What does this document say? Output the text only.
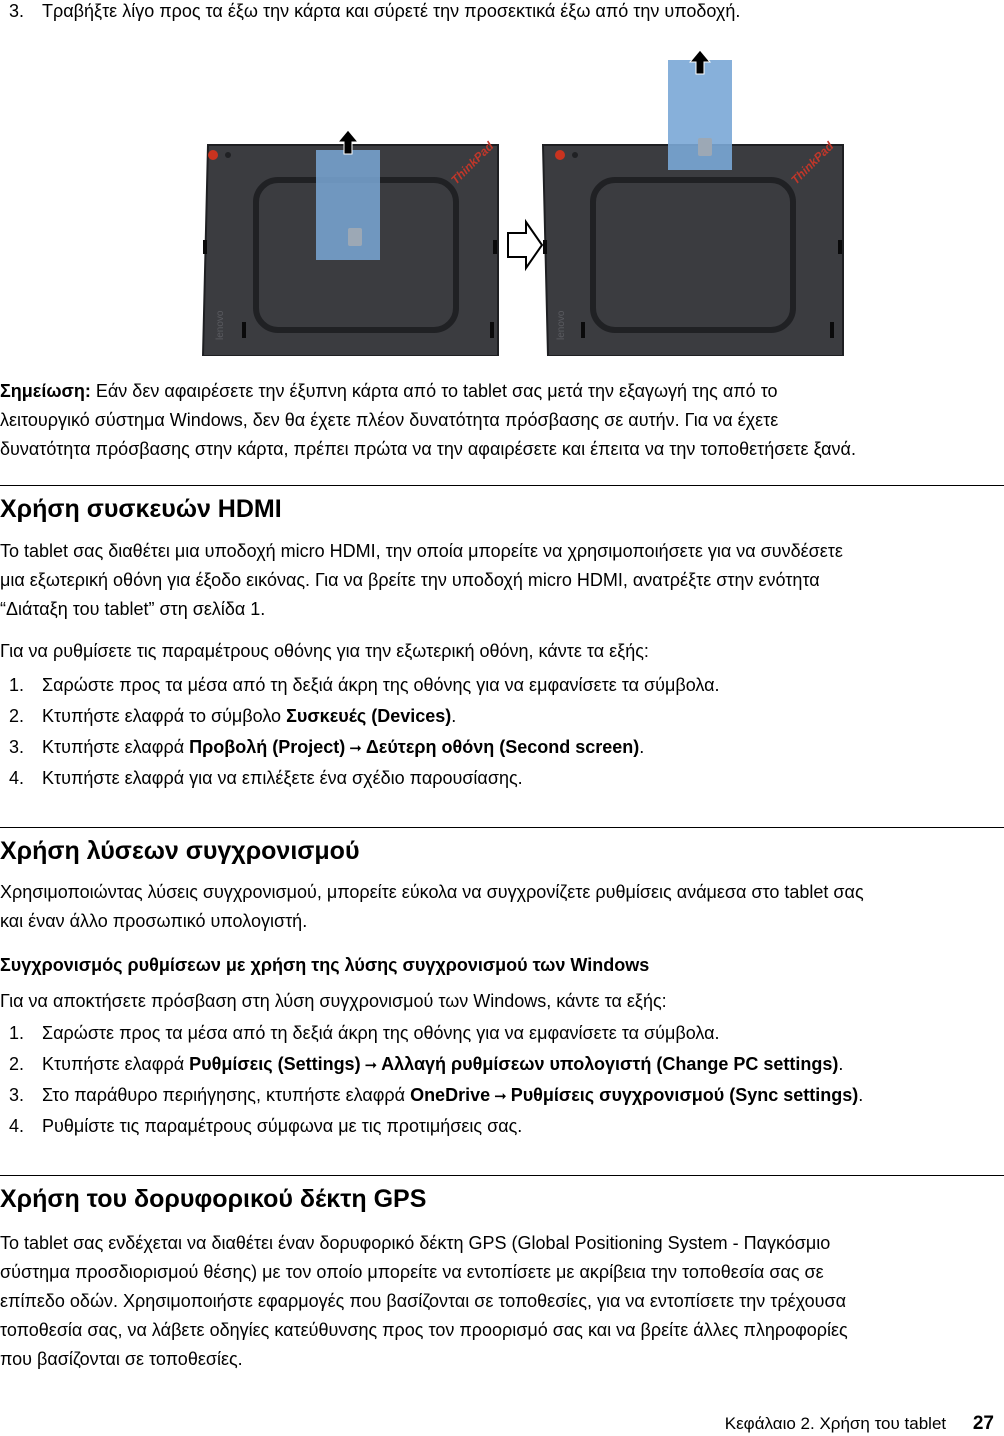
3. Τραβήξτε λίγο προς τα έξω την κάρτα και σύρετέ την προσεκτικά έξω από την υποδοχή.
ThinkPad
lenovo
ThinkPad
lenovo
Σημείωση: Εάν δεν αφαιρέσετε την έξυπνη κάρτα από το tablet σας μετά την εξαγωγή της από το
λειτουργικό σύστημα Windows, δεν θα έχετε πλέον δυνατότητα πρόσβασης σε αυτήν. Για να έχετε
δυνατότητα πρόσβασης στην κάρτα, πρέπει πρώτα να την αφαιρέσετε και έπειτα να την τοποθετήσετε ξανά.
Χρήση συσκευών HDMI
Το tablet σας διαθέτει μια υποδοχή micro HDMI, την οποία μπορείτε να χρησιμοποιήσετε για να συνδέσετε
μια εξωτερική οθόνη για έξοδο εικόνας. Για να βρείτε την υποδοχή micro HDMI, ανατρέξτε στην ενότητα
“Διάταξη του tablet” στη σελίδα 1.
Για να ρυθμίσετε τις παραμέτρους οθόνης για την εξωτερική οθόνη, κάντε τα εξής:
1. Σαρώστε προς τα μέσα από τη δεξιά άκρη της οθόνης για να εμφανίσετε τα σύμβολα.
2. Κτυπήστε ελαφρά το σύμβολο Συσκευές (Devices).
3. Κτυπήστε ελαφρά Προβολή (Project) ➞ Δεύτερη οθόνη (Second screen).
4. Κτυπήστε ελαφρά για να επιλέξετε ένα σχέδιο παρουσίασης.
Χρήση λύσεων συγχρονισμού
Χρησιμοποιώντας λύσεις συγχρονισμού, μπορείτε εύκολα να συγχρονίζετε ρυθμίσεις ανάμεσα στο tablet σας
και έναν άλλο προσωπικό υπολογιστή.
Συγχρονισμός ρυθμίσεων με χρήση της λύσης συγχρονισμού των Windows
Για να αποκτήσετε πρόσβαση στη λύση συγχρονισμού των Windows, κάντε τα εξής:
1. Σαρώστε προς τα μέσα από τη δεξιά άκρη της οθόνης για να εμφανίσετε τα σύμβολα.
2. Κτυπήστε ελαφρά Ρυθμίσεις (Settings) ➞ Αλλαγή ρυθμίσεων υπολογιστή (Change PC settings).
3. Στο παράθυρο περιήγησης, κτυπήστε ελαφρά OneDrive ➞ Ρυθμίσεις συγχρονισμού (Sync settings).
4. Ρυθμίστε τις παραμέτρους σύμφωνα με τις προτιμήσεις σας.
Χρήση του δορυφορικού δέκτη GPS
Το tablet σας ενδέχεται να διαθέτει έναν δορυφορικό δέκτη GPS (Global Positioning System - Παγκόσμιο
σύστημα προσδιορισμού θέσης) με τον οποίο μπορείτε να εντοπίσετε με ακρίβεια την τοποθεσία σας σε
επίπεδο οδών. Χρησιμοποιήστε εφαρμογές που βασίζονται σε τοποθεσίες, για να εντοπίσετε την τρέχουσα
τοποθεσία σας, να λάβετε οδηγίες κατεύθυνσης προς τον προορισμό σας και να βρείτε άλλες πληροφορίες
που βασίζονται σε τοποθεσίες.
Κεφάλαιο 2. Χρήση του tablet 27
